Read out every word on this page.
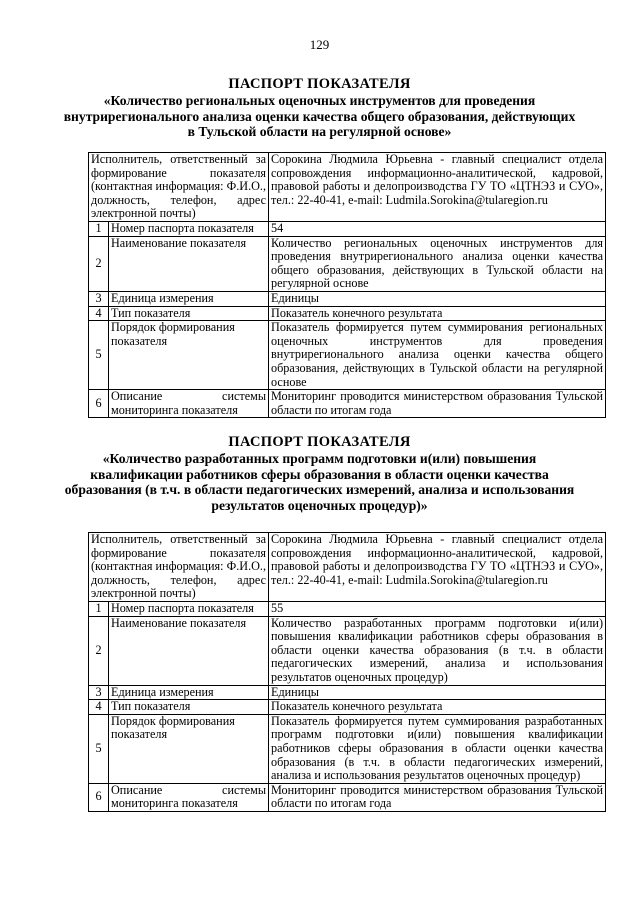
129
ПАСПОРТ ПОКАЗАТЕЛЯ
«Количество региональных оценочных инструментов для проведения внутрирегионального анализа оценки качества общего образования, действующих в Тульской области на регулярной основе»
Исполнитель, ответственный за формирование показателя (контактная информация: Ф.И.О., должность, телефон, адрес электронной почты)		Сорокина Людмила Юрьевна - главный специалист отдела сопровождения информационно-аналитической, кадровой, правовой работы и делопроизводства ГУ ТО «ЦТНЭЗ и СУО», тел.: 22-40-41, e-mail: Ludmila.Sorokina@tularegion.ru
1	Номер паспорта показателя	54
2	Наименование показателя	Количество региональных оценочных инструментов для проведения внутрирегионального анализа оценки качества общего образования, действующих в Тульской области на регулярной основе
3	Единица измерения	Единицы
4	Тип показателя	Показатель конечного результата
5	Порядок формирования показателя	Показатель формируется путем суммирования региональных оценочных инструментов для проведения внутрирегионального анализа оценки качества общего образования, действующих в Тульской области на регулярной основе
6	Описание системы мониторинга показателя	Мониторинг проводится министерством образования Тульской области по итогам года
ПАСПОРТ ПОКАЗАТЕЛЯ
«Количество разработанных программ подготовки и(или) повышения квалификации работников сферы образования в области оценки качества образования (в т.ч. в области педагогических измерений, анализа и использования результатов оценочных процедур)»
Исполнитель, ответственный за формирование показателя (контактная информация: Ф.И.О., должность, телефон, адрес электронной почты)		Сорокина Людмила Юрьевна - главный специалист отдела сопровождения информационно-аналитической, кадровой, правовой работы и делопроизводства ГУ ТО «ЦТНЭЗ и СУО», тел.: 22-40-41, e-mail: Ludmila.Sorokina@tularegion.ru
1	Номер паспорта показателя	55
2	Наименование показателя	Количество разработанных программ подготовки и(или) повышения квалификации работников сферы образования в области оценки качества образования (в т.ч. в области педагогических измерений, анализа и использования результатов оценочных процедур)
3	Единица измерения	Единицы
4	Тип показателя	Показатель конечного результата
5	Порядок формирования показателя	Показатель формируется путем суммирования разработанных программ подготовки и(или) повышения квалификации работников сферы образования в области оценки качества образования (в т.ч. в области педагогических измерений, анализа и использования результатов оценочных процедур)
6	Описание системы мониторинга показателя	Мониторинг проводится министерством образования Тульской области по итогам года
